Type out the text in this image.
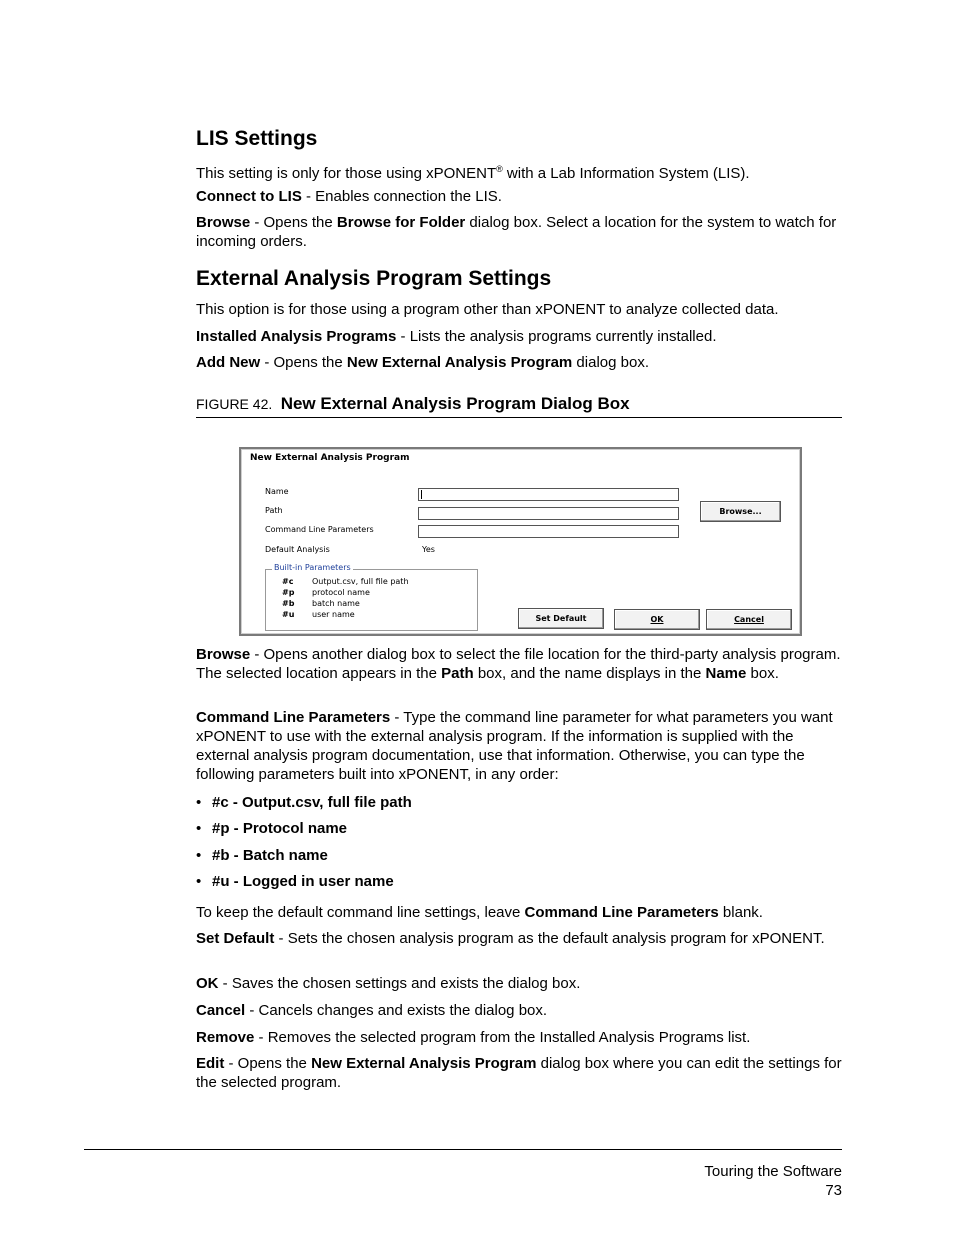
LIS Settings

This setting is only for those using xPONENT® with a Lab Information System (LIS).

Connect to LIS - Enables connection the LIS.

Browse - Opens the Browse for Folder dialog box. Select a location for the system to watch for incoming orders.

External Analysis Program Settings

This option is for those using a program other than xPONENT to analyze collected data.

Installed Analysis Programs - Lists the analysis programs currently installed.

Add New - Opens the New External Analysis Program dialog box.

FIGURE 42. New External Analysis Program Dialog Box
New External Analysis Program
Name
Path
Command Line Parameters
Default Analysis	Yes
Browse...
Built-in Parameters
#c Output.csv, full file path
#p protocol name
#b batch name
#u user name	Set Default	OK	Cancel

Browse - Opens another dialog box to select the file location for the third-party analysis program. The selected location appears in the Path box, and the name displays in the Name box.

Command Line Parameters - Type the command line parameter for what parameters you want xPONENT to use with the external analysis program. If the information is supplied with the external analysis program documentation, use that information. Otherwise, you can type the following parameters built into xPONENT, in any order:

• #c - Output.csv, full file path
• #p - Protocol name
• #b - Batch name
• #u - Logged in user name

To keep the default command line settings, leave Command Line Parameters blank.

Set Default - Sets the chosen analysis program as the default analysis program for xPONENT.

OK - Saves the chosen settings and exists the dialog box.

Cancel - Cancels changes and exists the dialog box.

Remove - Removes the selected program from the Installed Analysis Programs list.

Edit - Opens the New External Analysis Program dialog box where you can edit the settings for the selected program.

Touring the Software
73
